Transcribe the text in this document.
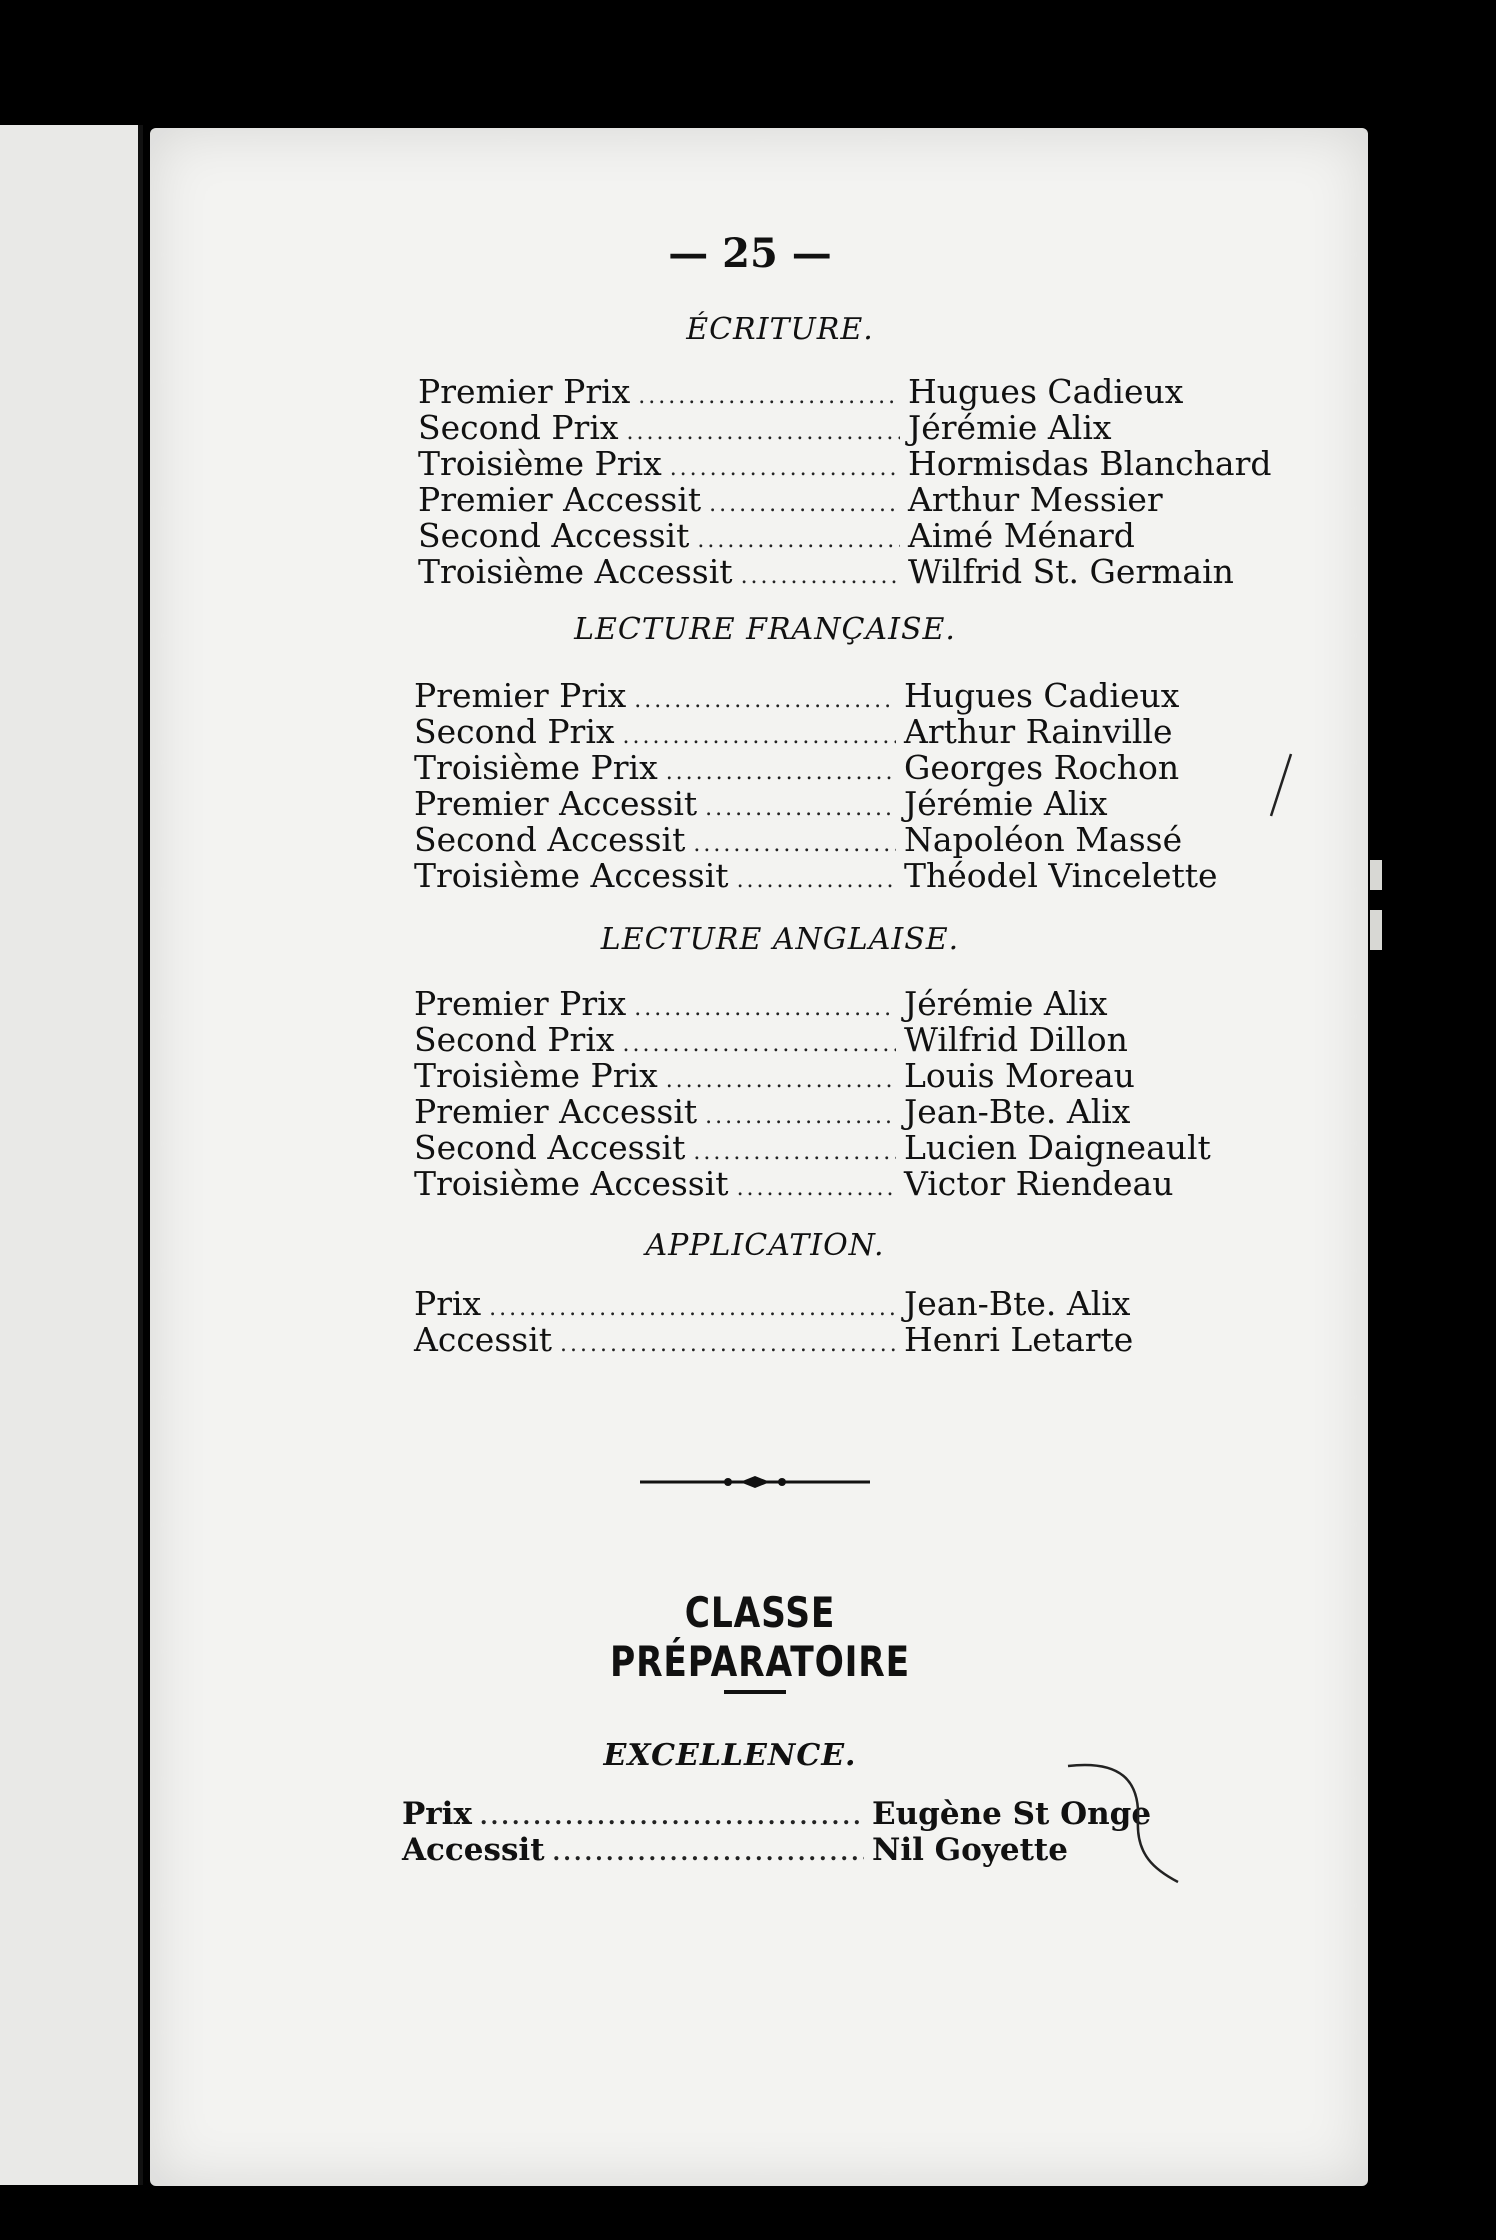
— 25 —
ÉCRITURE.
Premier Prix .....	Hugues Cadieux
Second Prix .....	Jérémie Alix
Troisième Prix .....	Hormisdas Blanchard
Premier Accessit .....	Arthur Messier
Second Accessit .....	Aimé Ménard
Troisième Accessit .....	Wilfrid St. Germain
LECTURE FRANÇAISE.
Premier Prix .....	Hugues Cadieux
Second Prix .....	Arthur Rainville
Troisième Prix .....	Georges Rochon
Premier Accessit .....	Jérémie Alix
Second Accessit .....	Napoléon Massé
Troisième Accessit .....	Théodel Vincelette
LECTURE ANGLAISE.
Premier Prix .....	Jérémie Alix
Second Prix .....	Wilfrid Dillon
Troisième Prix .....	Louis Moreau
Premier Accessit .....	Jean-Bte. Alix
Second Accessit .....	Lucien Daigneault
Troisième Accessit .....	Victor Riendeau
APPLICATION.
Prix .....	Jean-Bte. Alix
Accessit .....	Henri Letarte
CLASSE PRÉPARATOIRE
EXCELLENCE.
Prix .....	Eugène St Onge
Accessit .....	Nil Goyette
